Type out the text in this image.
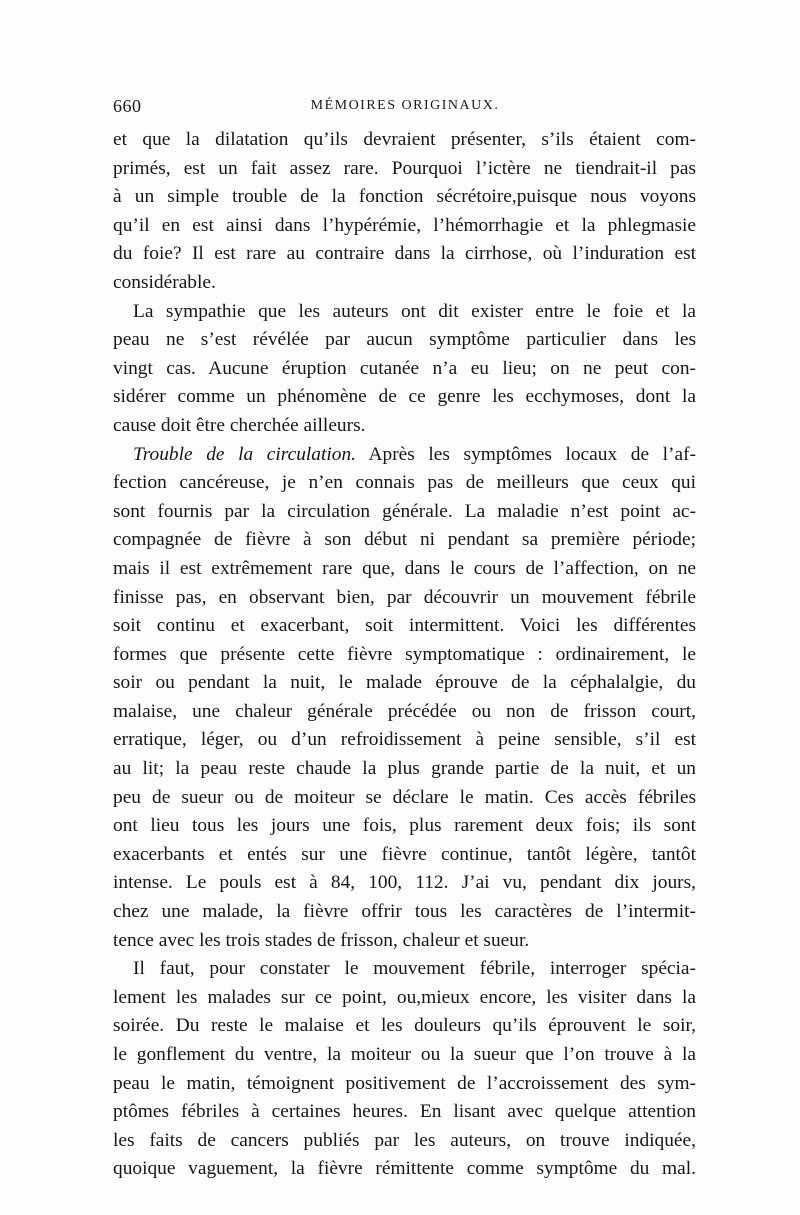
660	MÉMOIRES ORIGINAUX.
et que la dilatation qu’ils devraient présenter, s’ils étaient com-
primés, est un fait assez rare. Pourquoi l’ictère ne tiendrait-il pas
à un simple trouble de la fonction sécrétoire,puisque nous voyons
qu’il en est ainsi dans l’hypérémie, l’hémorrhagie et la phlegmasie
du foie? Il est rare au contraire dans la cirrhose, où l’induration est
considérable.
La sympathie que les auteurs ont dit exister entre le foie et la
peau ne s’est révélée par aucun symptôme particulier dans les
vingt cas. Aucune éruption cutanée n’a eu lieu; on ne peut con-
sidérer comme un phénomène de ce genre les ecchymoses, dont la
cause doit être cherchée ailleurs.
Trouble de la circulation. Après les symptômes locaux de l’af-
fection cancéreuse, je n’en connais pas de meilleurs que ceux qui
sont fournis par la circulation générale. La maladie n’est point ac-
compagnée de fièvre à son début ni pendant sa première période;
mais il est extrêmement rare que, dans le cours de l’affection, on ne
finisse pas, en observant bien, par découvrir un mouvement fébrile
soit continu et exacerbant, soit intermittent. Voici les différentes
formes que présente cette fièvre symptomatique : ordinairement, le
soir ou pendant la nuit, le malade éprouve de la céphalalgie, du
malaise, une chaleur générale précédée ou non de frisson court,
erratique, léger, ou d’un refroidissement à peine sensible, s’il est
au lit; la peau reste chaude la plus grande partie de la nuit, et un
peu de sueur ou de moiteur se déclare le matin. Ces accès fébriles
ont lieu tous les jours une fois, plus rarement deux fois; ils sont
exacerbants et entés sur une fièvre continue, tantôt légère, tantôt
intense. Le pouls est à 84, 100, 112. J’ai vu, pendant dix jours,
chez une malade, la fièvre offrir tous les caractères de l’intermit-
tence avec les trois stades de frisson, chaleur et sueur.
Il faut, pour constater le mouvement fébrile, interroger spécia-
lement les malades sur ce point, ou,mieux encore, les visiter dans la
soirée. Du reste le malaise et les douleurs qu’ils éprouvent le soir,
le gonflement du ventre, la moiteur ou la sueur que l’on trouve à la
peau le matin, témoignent positivement de l’accroissement des sym-
ptômes fébriles à certaines heures. En lisant avec quelque attention
les faits de cancers publiés par les auteurs, on trouve indiquée,
quoique vaguement, la fièvre rémittente comme symptôme du mal.
